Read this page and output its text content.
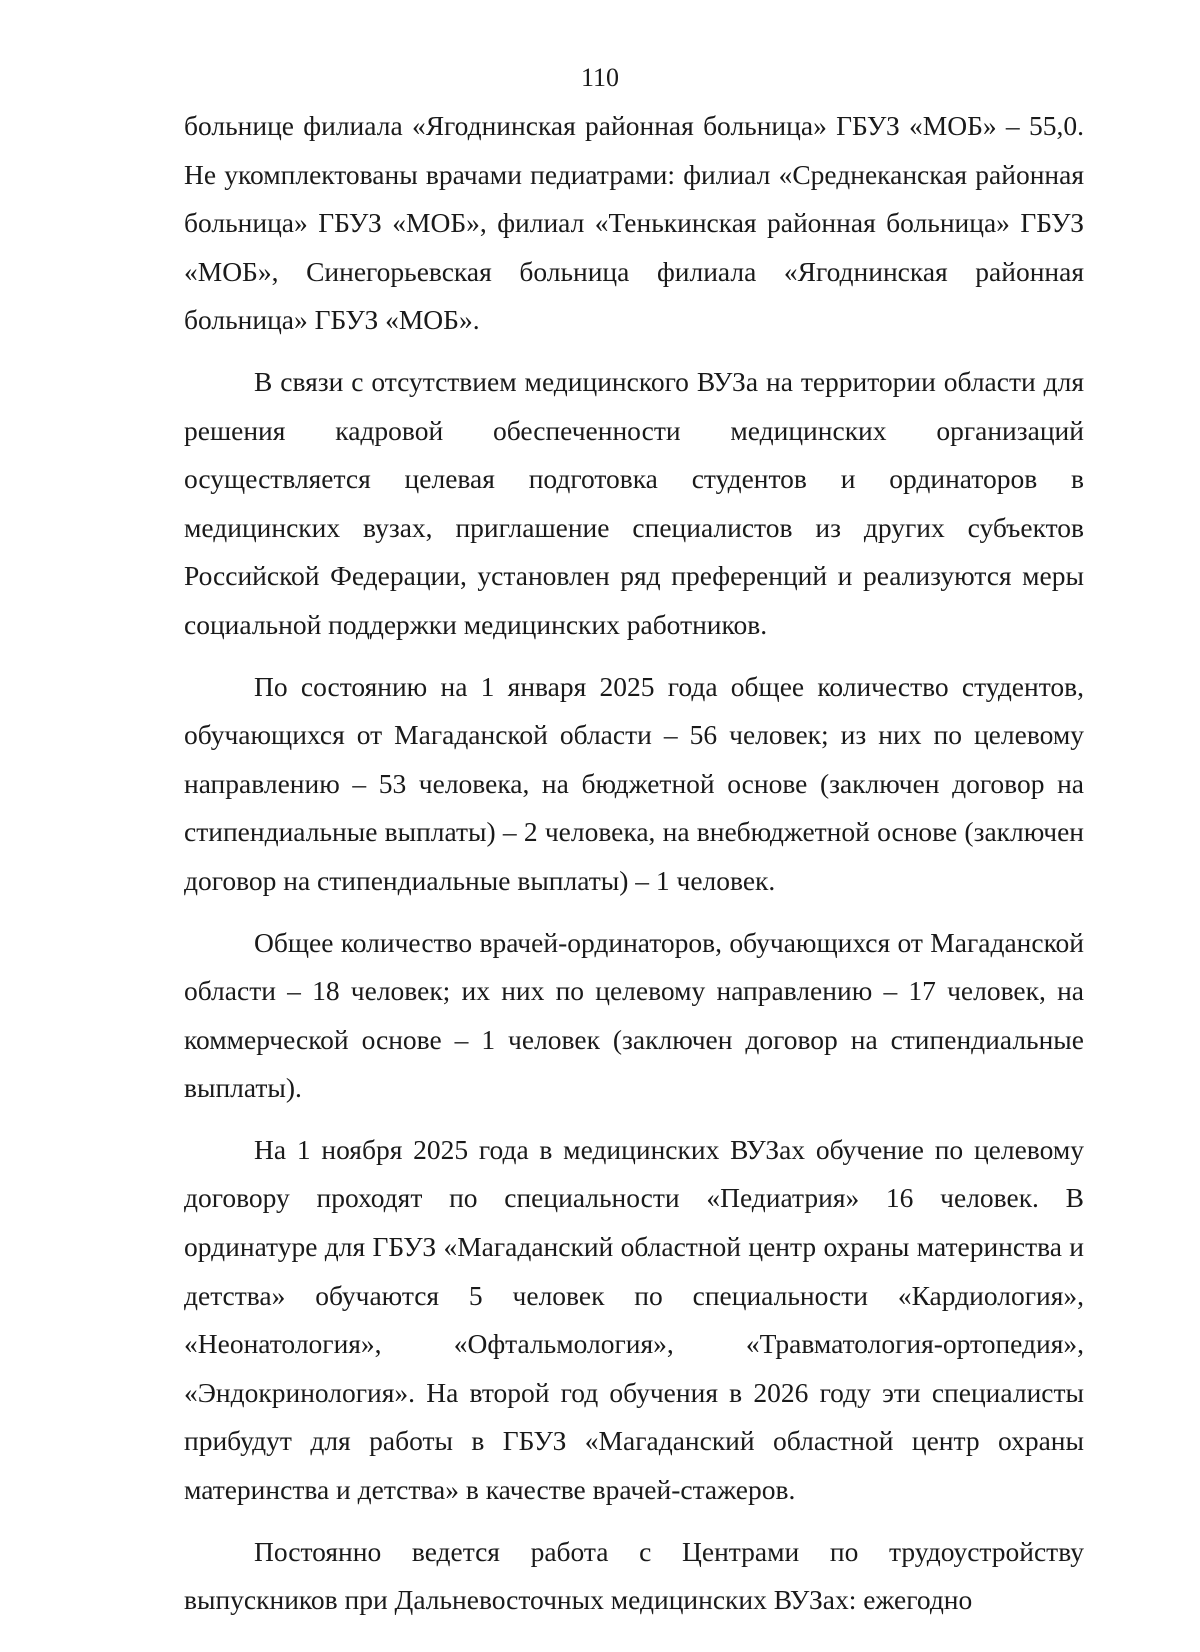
110

больнице филиала «Ягоднинская районная больница» ГБУЗ «МОБ» – 55,0. Не укомплектованы врачами педиатрами: филиал «Среднеканская районная больница» ГБУЗ «МОБ», филиал «Тенькинская районная больница» ГБУЗ «МОБ», Синегорьевская больница филиала «Ягоднинская районная больница» ГБУЗ «МОБ».

В связи с отсутствием медицинского ВУЗа на территории области для решения кадровой обеспеченности медицинских организаций осуществляется целевая подготовка студентов и ординаторов в медицинских вузах, приглашение специалистов из других субъектов Российской Федерации, установлен ряд преференций и реализуются меры социальной поддержки медицинских работников.

По состоянию на 1 января 2025 года общее количество студентов, обучающихся от Магаданской области – 56 человек; из них по целевому направлению – 53 человека, на бюджетной основе (заключен договор на стипендиальные выплаты) – 2 человека, на внебюджетной основе (заключен договор на стипендиальные выплаты) – 1 человек.

Общее количество врачей-ординаторов, обучающихся от Магаданской области – 18 человек; их них по целевому направлению – 17 человек, на коммерческой основе – 1 человек (заключен договор на стипендиальные выплаты).

На 1 ноября 2025 года в медицинских ВУЗах обучение по целевому договору проходят по специальности «Педиатрия» 16 человек. В ординатуре для ГБУЗ «Магаданский областной центр охраны материнства и детства» обучаются 5 человек по специальности «Кардиология», «Неонатология», «Офтальмология», «Травматология-ортопедия», «Эндокринология». На второй год обучения в 2026 году эти специалисты прибудут для работы в ГБУЗ «Магаданский областной центр охраны материнства и детства» в качестве врачей-стажеров.

Постоянно ведется работа с Центрами по трудоустройству выпускников при Дальневосточных медицинских ВУЗах: ежегодно
